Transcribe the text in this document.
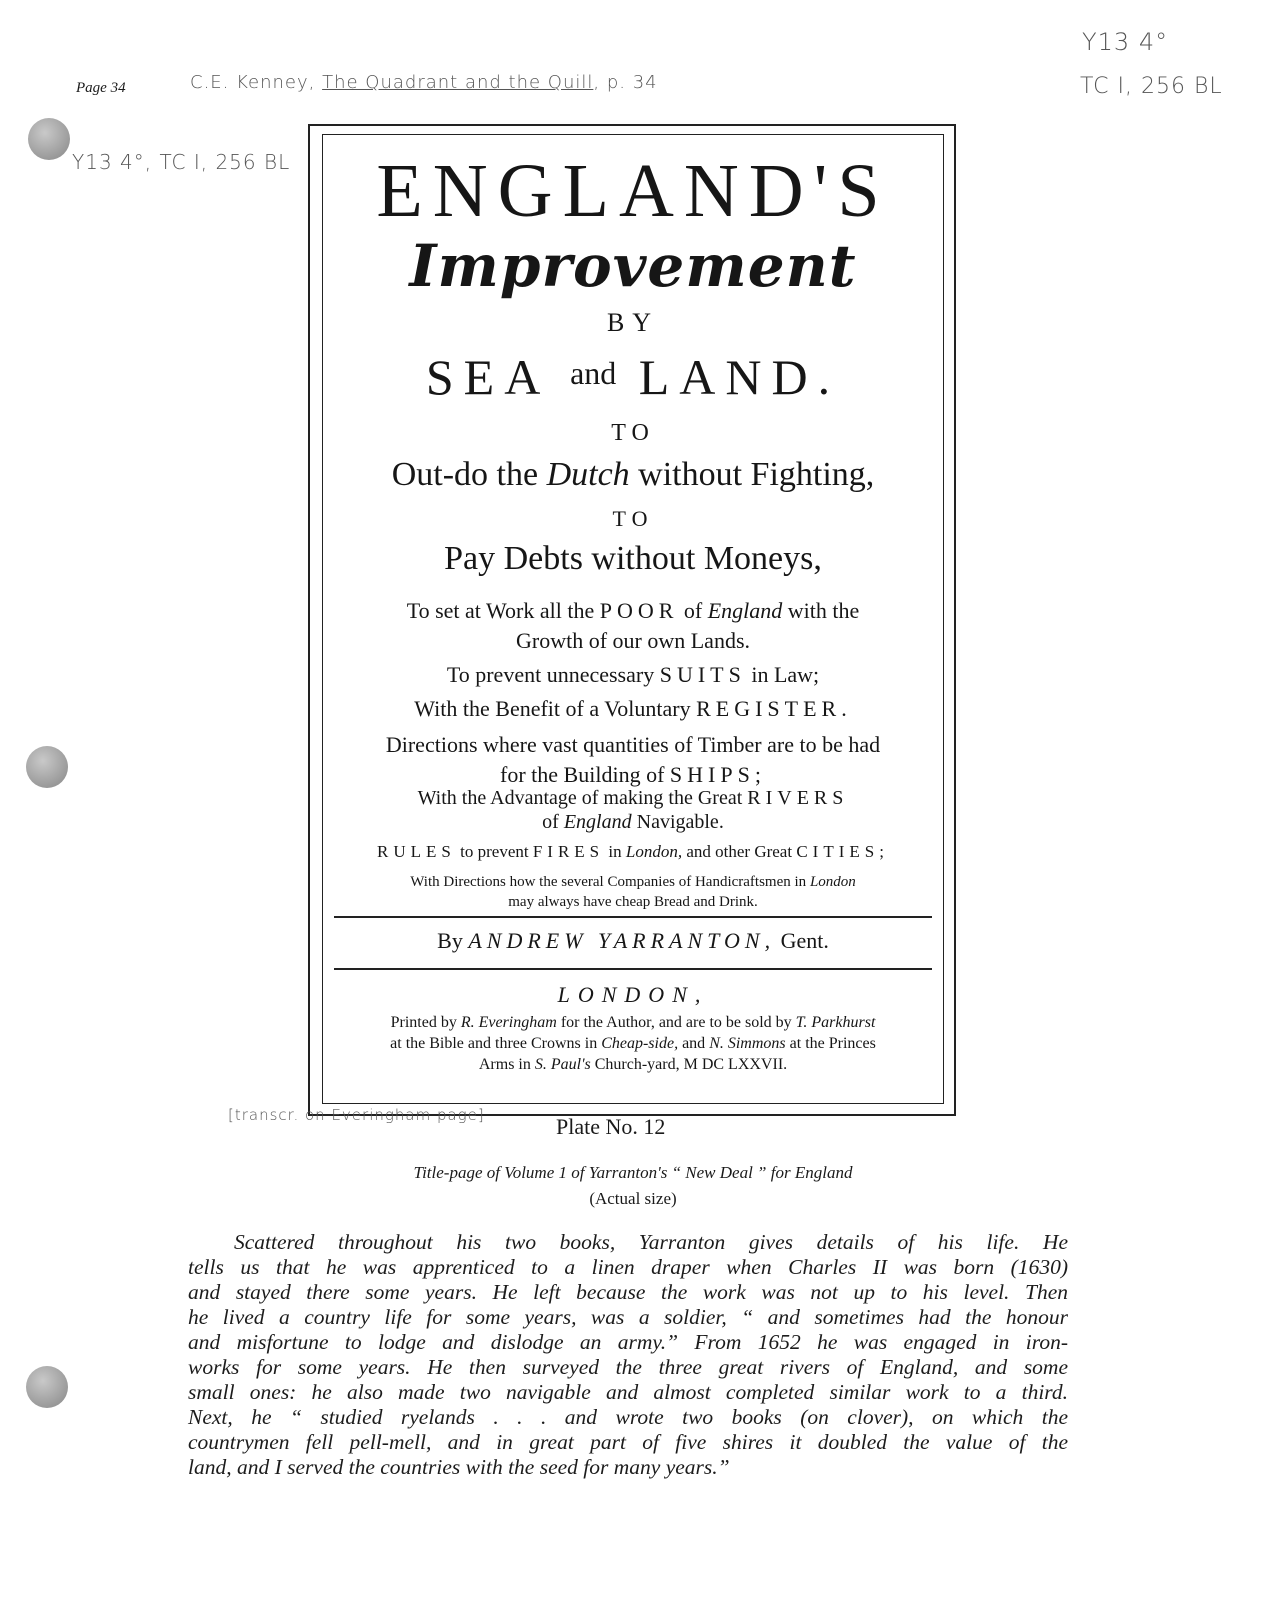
Page 34	C.E. Kenney, The Quadrant and the Quill, p. 34
Y13 4°
TC I, 256 BL
Y13 4°, TC I, 256 BL	ENGLAND'S
Improvement
BY
SEA $^{and}$ LAND.
TO
Out-do the Dutch without Fighting,
TO
Pay Debts without Moneys,
To set at Work all the POOR of England with the
Growth of our own Lands.
To prevent unnecessary SUITS in Law;
With the Benefit of a Voluntary REGISTER.
Directions where vast quantities of Timber are to be had
for the Building of SHIPS;
With the Advantage of making the Great RIVERS
of England Navigable.
RULES to prevent FIRES in London, and other Great CITIES;
With Directions how the several Companies of Handicraftsmen in London
may always have cheap Bread and Drink.
By ANDREW YARRANTON, Gent.
LONDON,
Printed by R. Everingham for the Author, and are to be sold by T. Parkhurst
at the Bible and three Crowns in Cheap-side, and N. Simmons at the Princes
Arms in S. Paul's Church-yard, M DC LXXVII.
[transcr. on Everingham page]	Plate No. 12
Title-page of Volume 1 of Yarranton's “ New Deal ” for England
(Actual size)
Scattered throughout his two books, Yarranton gives details of his life. He
tells us that he was apprenticed to a linen draper when Charles II was born (1630)
and stayed there some years. He left because the work was not up to his level. Then
he lived a country life for some years, was a soldier, “ and sometimes had the honour
and misfortune to lodge and dislodge an army.” From 1652 he was engaged in iron-
works for some years. He then surveyed the three great rivers of England, and some
small ones: he also made two navigable and almost completed similar work to a third.
Next, he “ studied ryelands . . . and wrote two books (on clover), on which the
countrymen fell pell-mell, and in great part of five shires it doubled the value of the
land, and I served the countries with the seed for many years.”
